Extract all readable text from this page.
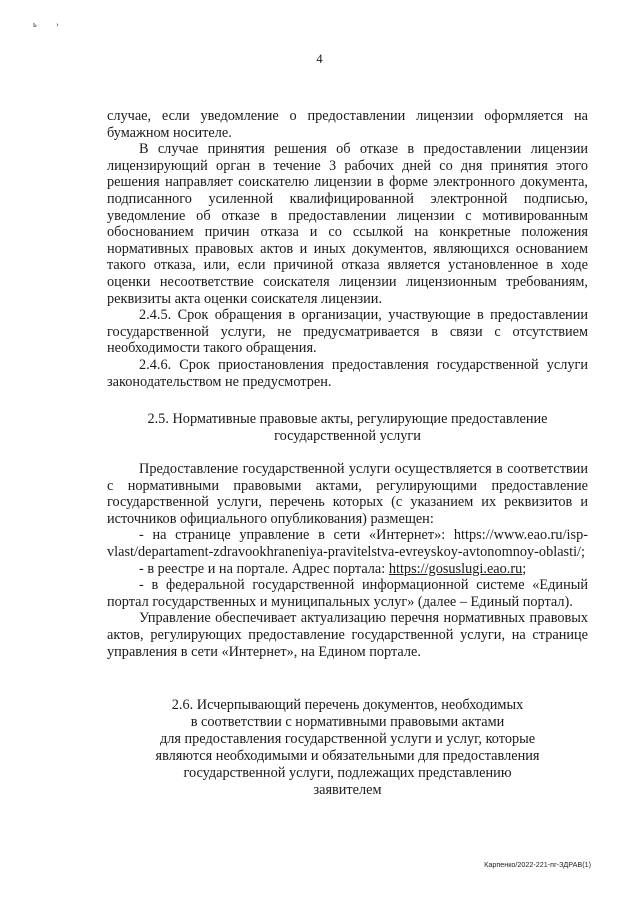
ь ›
4

случае, если уведомление о предоставлении лицензии оформляется на бумажном носителе.

В случае принятия решения об отказе в предоставлении лицензии лицензирующий орган в течение 3 рабочих дней со дня принятия этого решения направляет соискателю лицензии в форме электронного документа, подписанного усиленной квалифицированной электронной подписью, уведомление об отказе в предоставлении лицензии с мотивированным обоснованием причин отказа и со ссылкой на конкретные положения нормативных правовых актов и иных документов, являющихся основанием такого отказа, или, если причиной отказа является установленное в ходе оценки несоответствие соискателя лицензии лицензионным требованиям, реквизиты акта оценки соискателя лицензии.

2.4.5. Срок обращения в организации, участвующие в предоставлении государственной услуги, не предусматривается в связи с отсутствием необходимости такого обращения.

2.4.6. Срок приостановления предоставления государственной услуги законодательством не предусмотрен.

2.5. Нормативные правовые акты, регулирующие предоставление
государственной услуги

Предоставление государственной услуги осуществляется в соответствии с нормативными правовыми актами, регулирующими предоставление государственной услуги, перечень которых (с указанием их реквизитов и источников официального опубликования) размещен:

- на странице управление в сети «Интернет»: https://www.eao.ru/isp-vlast/departament-zdravookhraneniya-pravitelstva-evreyskoy-avtonomnoy-oblasti/;

- в реестре и на портале. Адрес портала: https://gosuslugi.eao.ru;

- в федеральной государственной информационной системе «Единый портал государственных и муниципальных услуг» (далее – Единый портал).

Управление обеспечивает актуализацию перечня нормативных правовых актов, регулирующих предоставление государственной услуги, на странице управления в сети «Интернет», на Едином портале.

2.6. Исчерпывающий перечень документов, необходимых
в соответствии с нормативными правовыми актами
для предоставления государственной услуги и услуг, которые
являются необходимыми и обязательными для предоставления
государственной услуги, подлежащих представлению
заявителем
Карпенко/2022-221-пг-ЗДРАВ(1)
